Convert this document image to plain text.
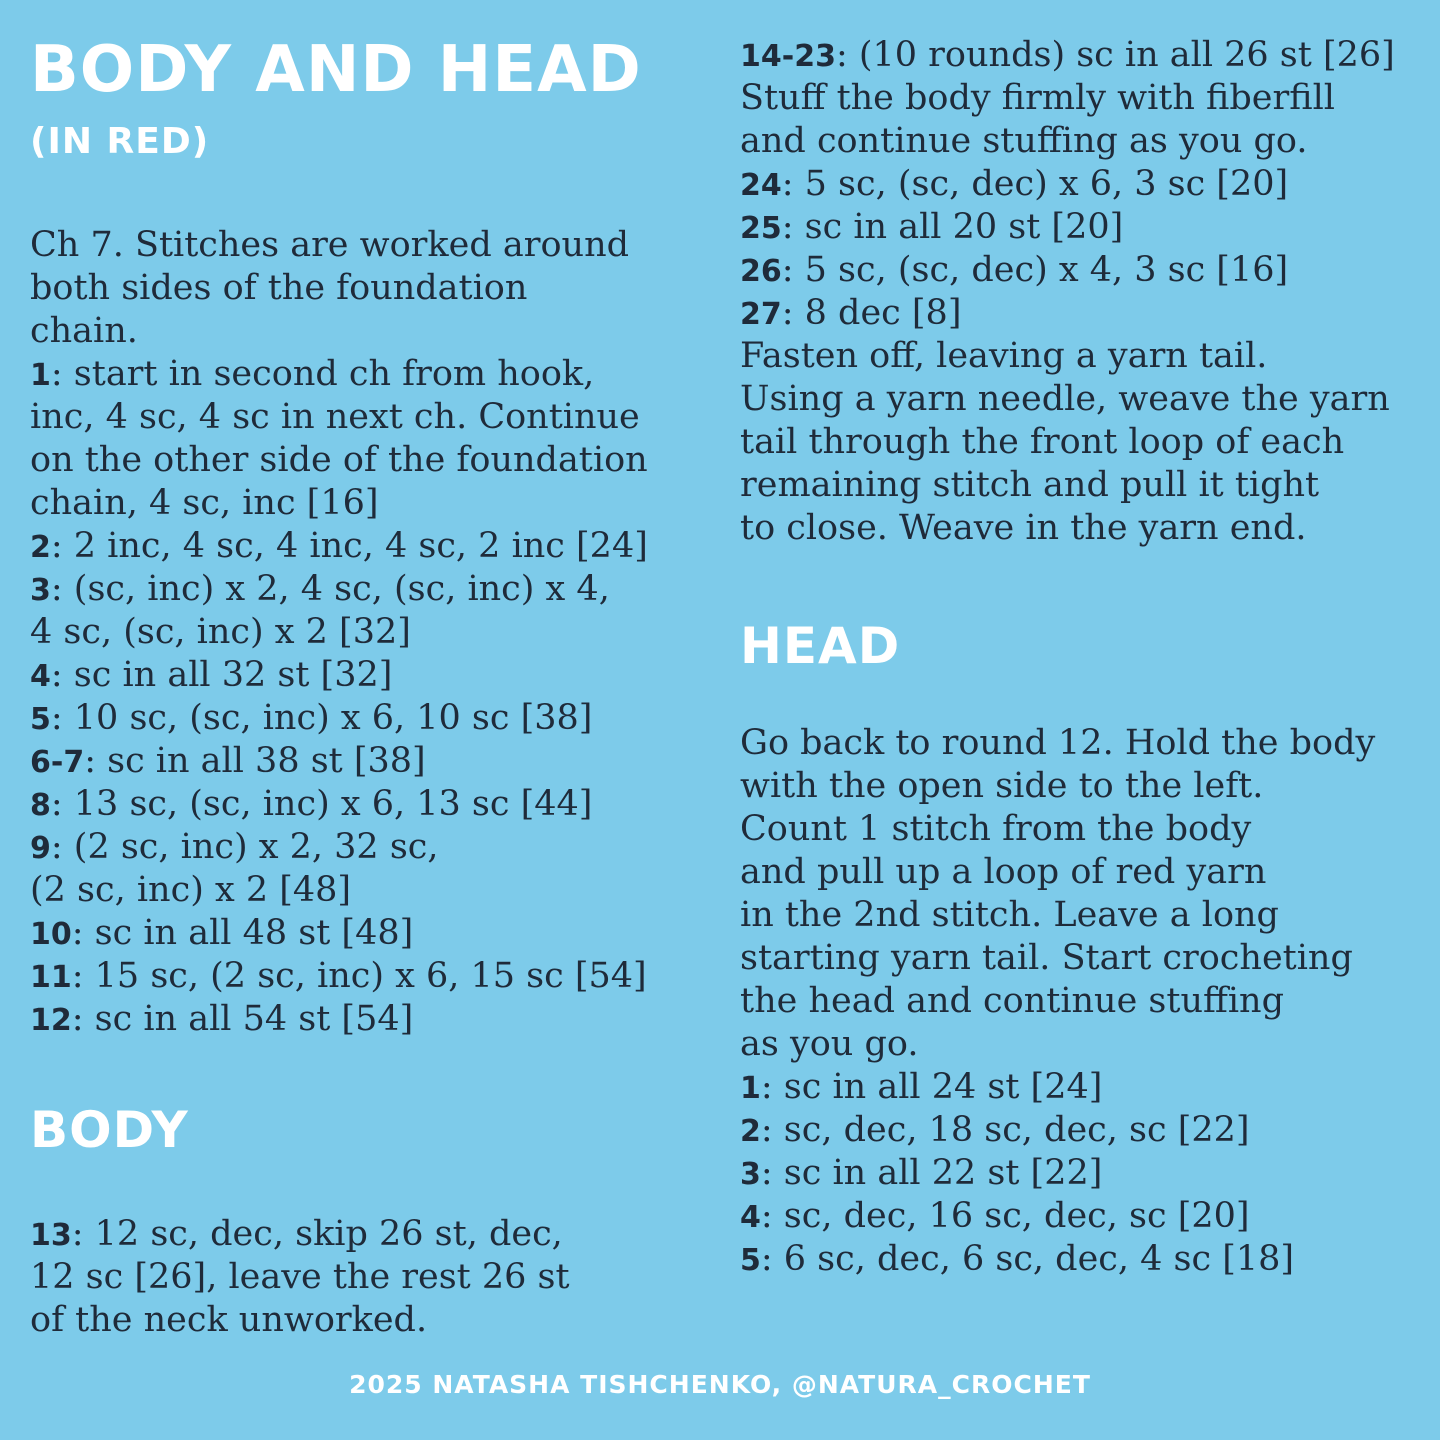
BODY AND HEAD
(IN RED)
Ch 7. Stitches are worked around
both sides of the foundation
chain.
1: start in second ch from hook,
inc, 4 sc, 4 sc in next ch. Continue
on the other side of the foundation
chain, 4 sc, inc [16]
2: 2 inc, 4 sc, 4 inc, 4 sc, 2 inc [24]
3: (sc, inc) x 2, 4 sc, (sc, inc) x 4,
4 sc, (sc, inc) x 2 [32]
4: sc in all 32 st [32]
5: 10 sc, (sc, inc) x 6, 10 sc [38]
6-7: sc in all 38 st [38]
8: 13 sc, (sc, inc) x 6, 13 sc [44]
9: (2 sc, inc) x 2, 32 sc,
(2 sc, inc) x 2 [48]
10: sc in all 48 st [48]
11: 15 sc, (2 sc, inc) x 6, 15 sc [54]
12: sc in all 54 st [54]
BODY
13: 12 sc, dec, skip 26 st, dec,
12 sc [26], leave the rest 26 st
of the neck unworked.
14-23: (10 rounds) sc in all 26 st [26]
Stuff the body firmly with fiberfill
and continue stuffing as you go.
24: 5 sc, (sc, dec) x 6, 3 sc [20]
25: sc in all 20 st [20]
26: 5 sc, (sc, dec) x 4, 3 sc [16]
27: 8 dec [8]
Fasten off, leaving a yarn tail.
Using a yarn needle, weave the yarn
tail through the front loop of each
remaining stitch and pull it tight
to close. Weave in the yarn end.
HEAD
Go back to round 12. Hold the body
with the open side to the left.
Count 1 stitch from the body
and pull up a loop of red yarn
in the 2nd stitch. Leave a long
starting yarn tail. Start crocheting
the head and continue stuffing
as you go.
1: sc in all 24 st [24]
2: sc, dec, 18 sc, dec, sc [22]
3: sc in all 22 st [22]
4: sc, dec, 16 sc, dec, sc [20]
5: 6 sc, dec, 6 sc, dec, 4 sc [18]
2025 NATASHA TISHCHENKO, @NATURA_CROCHET
